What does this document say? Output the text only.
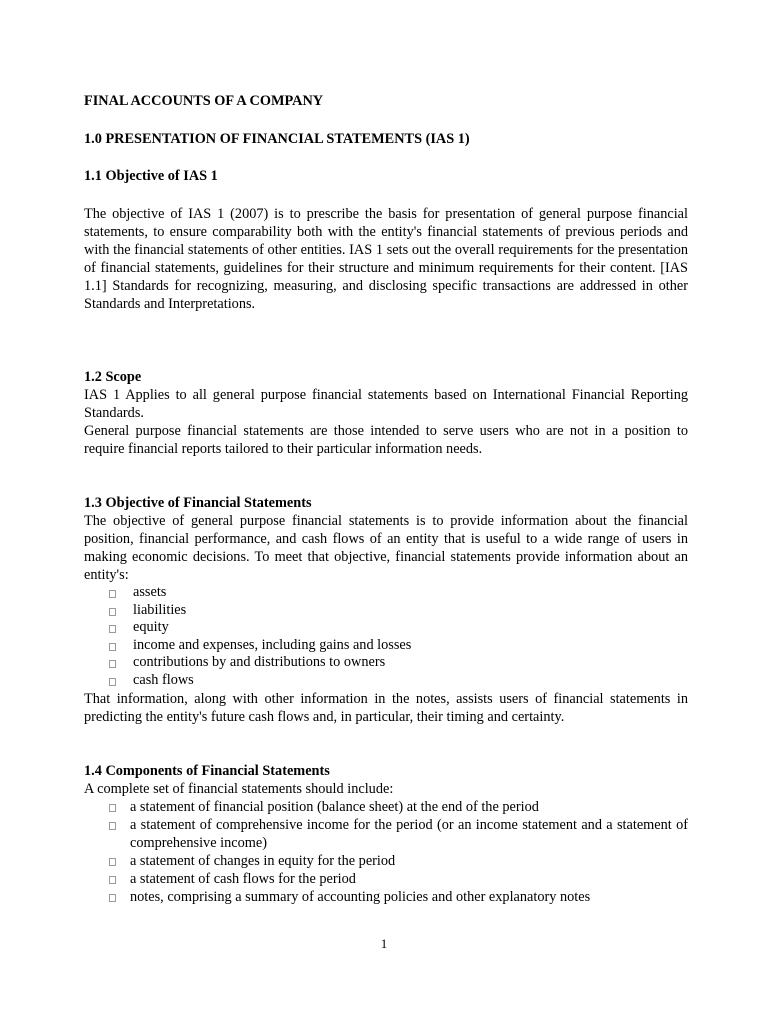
FINAL ACCOUNTS OF A COMPANY

1.0 PRESENTATION OF FINANCIAL STATEMENTS (IAS 1)

1.1 Objective of IAS 1

The objective of IAS 1 (2007) is to prescribe the basis for presentation of general purpose financial statements, to ensure comparability both with the entity's financial statements of previous periods and with the financial statements of other entities. IAS 1 sets out the overall requirements for the presentation of financial statements, guidelines for their structure and minimum requirements for their content. [IAS 1.1] Standards for recognizing, measuring, and disclosing specific transactions are addressed in other Standards and Interpretations.

1.2 Scope

IAS 1 Applies to all general purpose financial statements based on International Financial Reporting Standards.

General purpose financial statements are those intended to serve users who are not in a position to require financial reports tailored to their particular information needs.

1.3 Objective of Financial Statements

The objective of general purpose financial statements is to provide information about the financial position, financial performance, and cash flows of an entity that is useful to a wide range of users in making economic decisions. To meet that objective, financial statements provide information about an entity's:

assets
liabilities
equity
income and expenses, including gains and losses
contributions by and distributions to owners
cash flows

That information, along with other information in the notes, assists users of financial statements in predicting the entity's future cash flows and, in particular, their timing and certainty.

1.4 Components of Financial Statements

A complete set of financial statements should include:

a statement of financial position (balance sheet) at the end of the period
a statement of comprehensive income for the period (or an income statement and a statement of comprehensive income)
a statement of changes in equity for the period
a statement of cash flows for the period
notes, comprising a summary of accounting policies and other explanatory notes
1
